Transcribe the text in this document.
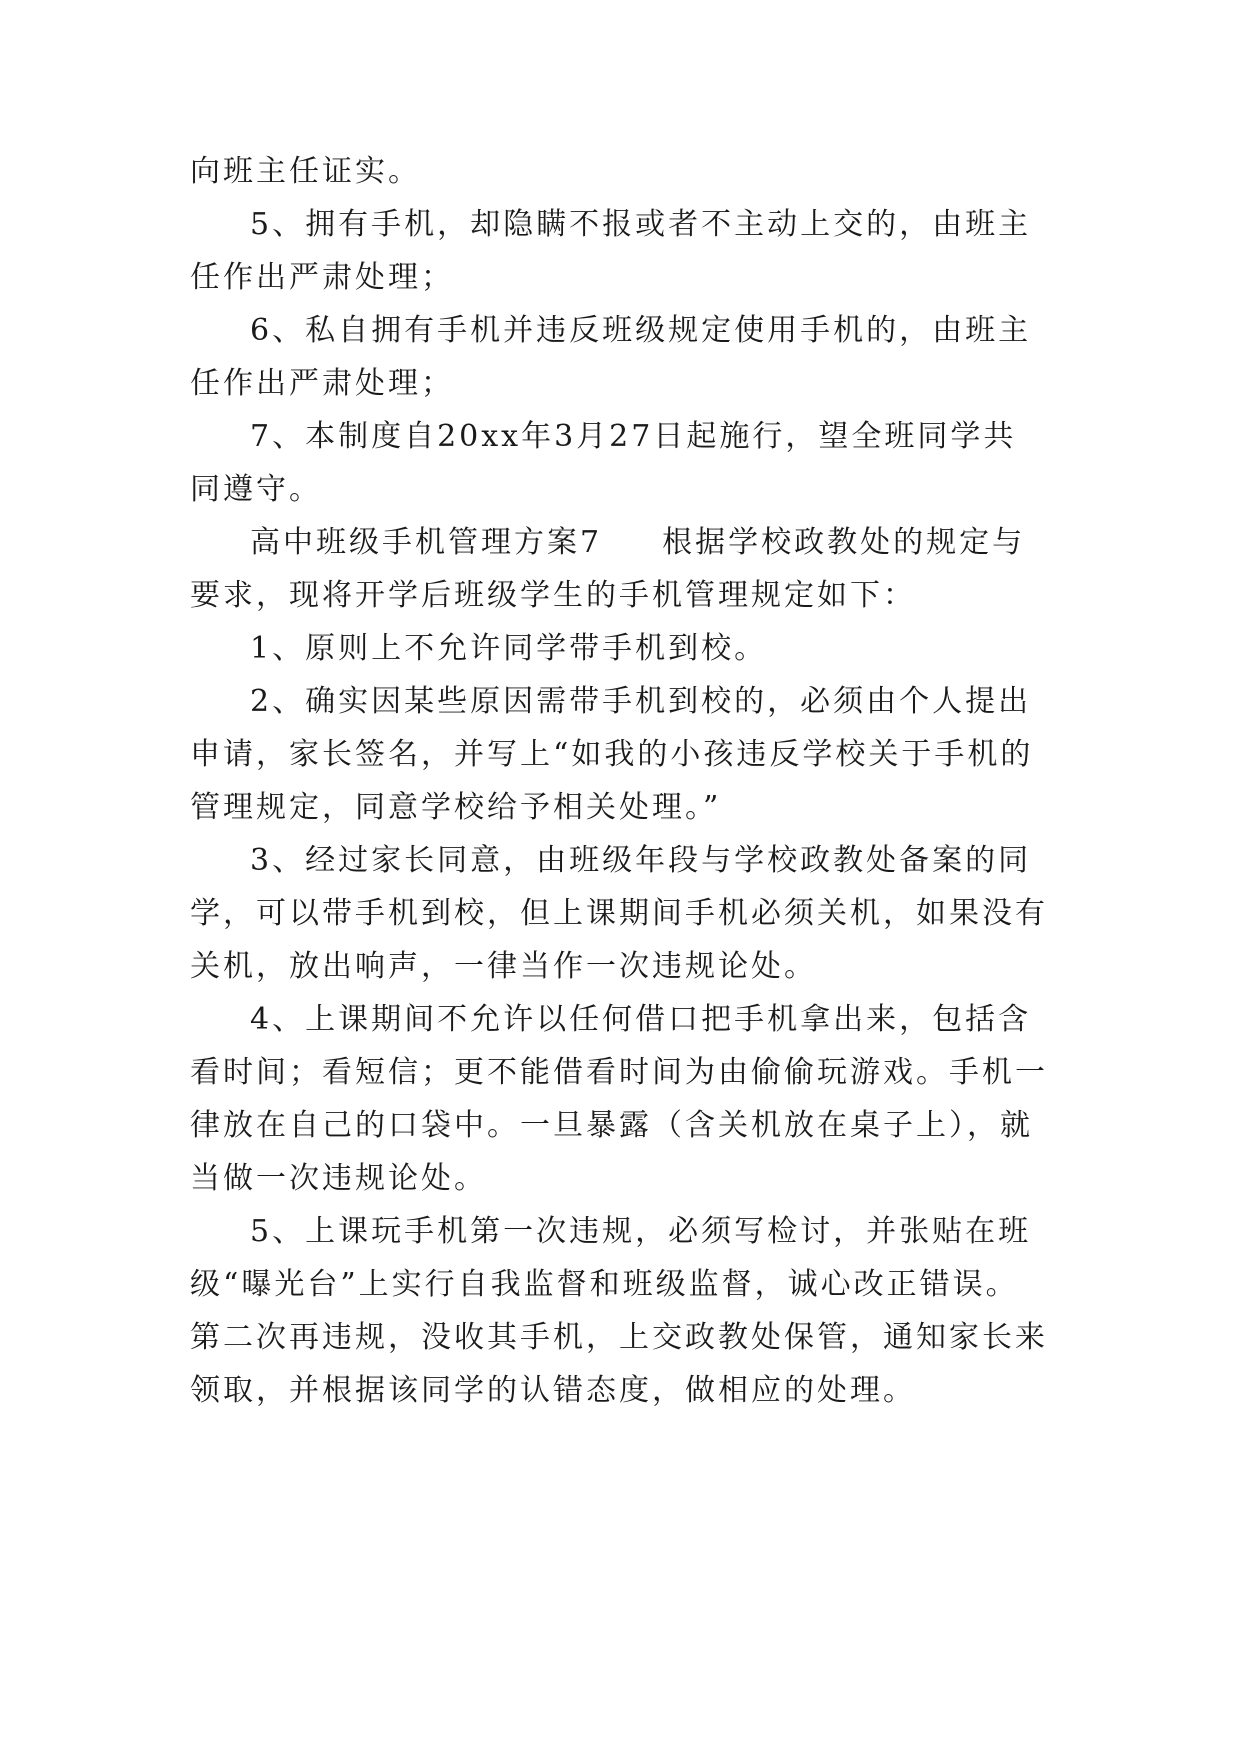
向班主任证实。
5、拥有手机，却隐瞒不报或者不主动上交的，由班主
任作出严肃处理；
6、私自拥有手机并违反班级规定使用手机的，由班主
任作出严肃处理；
7、本制度自20xx年3月27日起施行，望全班同学共
同遵守。
高中班级手机管理方案7 根据学校政教处的规定与
要求，现将开学后班级学生的手机管理规定如下：
1、原则上不允许同学带手机到校。
2、确实因某些原因需带手机到校的，必须由个人提出
申请，家长签名，并写上“如我的小孩违反学校关于手机的
管理规定，同意学校给予相关处理。”
3、经过家长同意，由班级年段与学校政教处备案的同
学，可以带手机到校，但上课期间手机必须关机，如果没有
关机，放出响声，一律当作一次违规论处。
4、上课期间不允许以任何借口把手机拿出来，包括含
看时间；看短信；更不能借看时间为由偷偷玩游戏。手机一
律放在自己的口袋中。一旦暴露（含关机放在桌子上），就
当做一次违规论处。
5、上课玩手机第一次违规，必须写检讨，并张贴在班
级“曝光台”上实行自我监督和班级监督，诚心改正错误。
第二次再违规，没收其手机，上交政教处保管，通知家长来
领取，并根据该同学的认错态度，做相应的处理。
